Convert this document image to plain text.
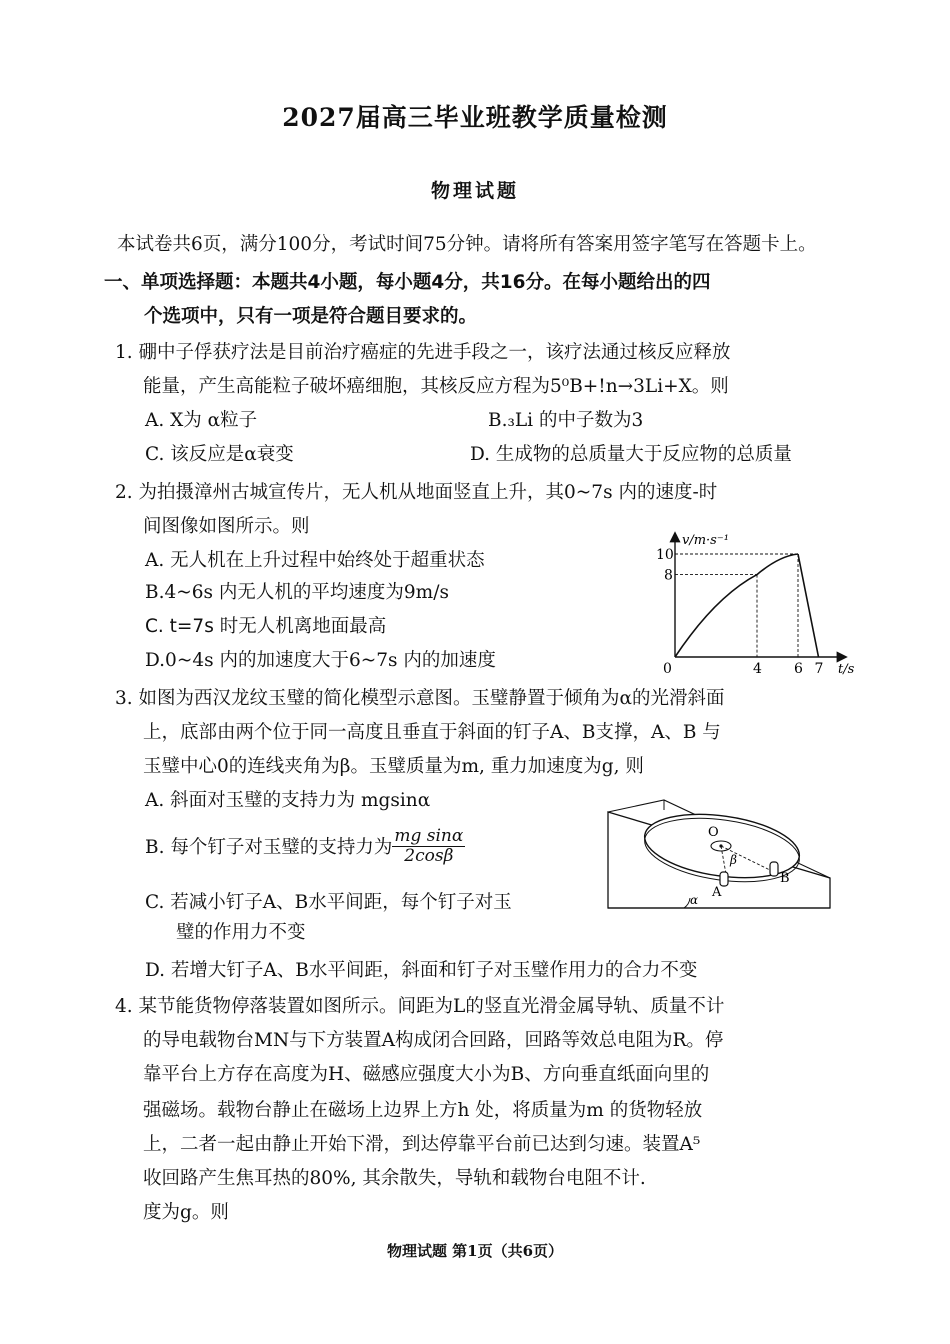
2027届高三毕业班教学质量检测
物理试题
本试卷共6页，满分100分，考试时间75分钟。请将所有答案用签字笔写在答题卡上。
一、单项选择题：本题共4小题，每小题4分，共16分。在每小题给出的四
个选项中，只有一项是符合题目要求的。
1. 硼中子俘获疗法是目前治疗癌症的先进手段之一，该疗法通过核反应释放
能量，产生高能粒子破坏癌细胞，其核反应方程为5⁰B+!n→3Li+X。则
A. X为 α粒子	B.₃Li 的中子数为3
C. 该反应是α衰变	D. 生成物的总质量大于反应物的总质量
2. 为拍摄漳州古城宣传片，无人机从地面竖直上升，其0~7s 内的速度-时
间图像如图所示。则
A. 无人机在上升过程中始终处于超重状态
B.4~6s 内无人机的平均速度为9m/s
C. t=7s 时无人机离地面最高
D.0~4s 内的加速度大于6~7s 内的加速度
v/m·s⁻¹
t/s
0	4 6 7
8
10
3. 如图为西汉龙纹玉璧的简化模型示意图。玉璧静置于倾角为α的光滑斜面
上，底部由两个位于同一高度且垂直于斜面的钉子A、B支撑，A、B 与
玉璧中心0的连线夹角为β。玉璧质量为m, 重力加速度为g, 则
A. 斜面对玉璧的支持力为 mgsinα
B. 每个钉子对玉璧的支持力为 $\frac{\text{mg sinα}}{2\cos\beta}$
C. 若减小钉子A、B水平间距，每个钉子对玉
璧的作用力不变
D. 若增大钉子A、B水平间距，斜面和钉子对玉璧作用力的合力不变
O
β
A
B
α
4. 某节能货物停落装置如图所示。间距为L的竖直光滑金属导轨、质量不计
的导电载物台MN与下方装置A构成闭合回路，回路等效总电阻为R。停
靠平台上方存在高度为H、磁感应强度大小为B、方向垂直纸面向里的
强磁场。载物台静止在磁场上边界上方h 处，将质量为m 的货物轻放
上，二者一起由静止开始下滑，到达停靠平台前已达到匀速。装置A⁵
收回路产生焦耳热的80%, 其余散失，导轨和载物台电阻不计.
度为g。则
物理试题 第1页（共6页）
